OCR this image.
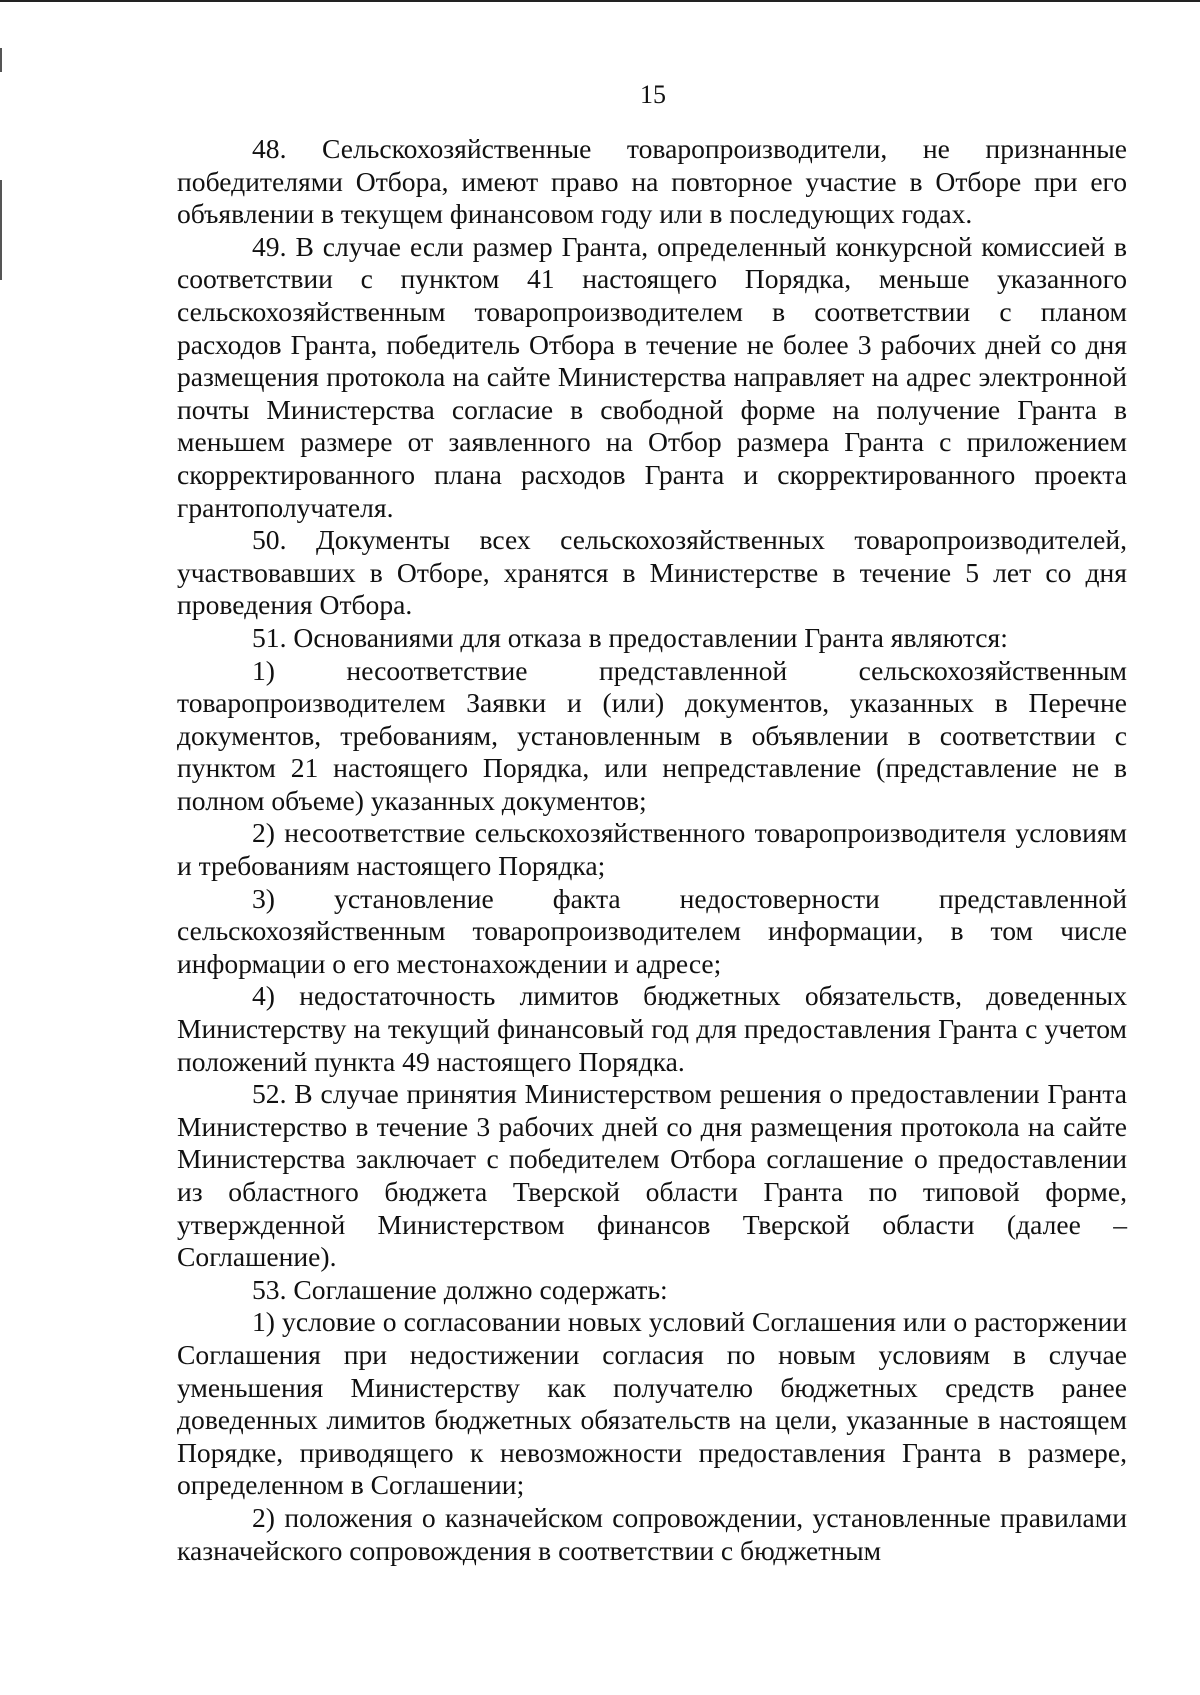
15

48. Сельскохозяйственные товаропроизводители, не признанные победителями Отбора, имеют право на повторное участие в Отборе при его объявлении в текущем финансовом году или в последующих годах.

49. В случае если размер Гранта, определенный конкурсной комиссией в соответствии с пунктом 41 настоящего Порядка, меньше указанного сельскохозяйственным товаропроизводителем в соответствии с планом расходов Гранта, победитель Отбора в течение не более 3 рабочих дней со дня размещения протокола на сайте Министерства направляет на адрес электронной почты Министерства согласие в свободной форме на получение Гранта в меньшем размере от заявленного на Отбор размера Гранта с приложением скорректированного плана расходов Гранта и скорректированного проекта грантополучателя.

50. Документы всех сельскохозяйственных товаропроизводителей, участвовавших в Отборе, хранятся в Министерстве в течение 5 лет со дня проведения Отбора.

51. Основаниями для отказа в предоставлении Гранта являются:

1) несоответствие представленной сельскохозяйственным товаропроизводителем Заявки и (или) документов, указанных в Перечне документов, требованиям, установленным в объявлении в соответствии с пунктом 21 настоящего Порядка, или непредставление (представление не в полном объеме) указанных документов;

2) несоответствие сельскохозяйственного товаропроизводителя условиям и требованиям настоящего Порядка;

3) установление факта недостоверности представленной сельскохозяйственным товаропроизводителем информации, в том числе информации о его местонахождении и адресе;

4) недостаточность лимитов бюджетных обязательств, доведенных Министерству на текущий финансовый год для предоставления Гранта с учетом положений пункта 49 настоящего Порядка.

52. В случае принятия Министерством решения о предоставлении Гранта Министерство в течение 3 рабочих дней со дня размещения протокола на сайте Министерства заключает с победителем Отбора соглашение о предоставлении из областного бюджета Тверской области Гранта по типовой форме, утвержденной Министерством финансов Тверской области (далее – Соглашение).

53. Соглашение должно содержать:

1) условие о согласовании новых условий Соглашения или о расторжении Соглашения при недостижении согласия по новым условиям в случае уменьшения Министерству как получателю бюджетных средств ранее доведенных лимитов бюджетных обязательств на цели, указанные в настоящем Порядке, приводящего к невозможности предоставления Гранта в размере, определенном в Соглашении;

2) положения о казначейском сопровождении, установленные правилами казначейского сопровождения в соответствии с бюджетным
